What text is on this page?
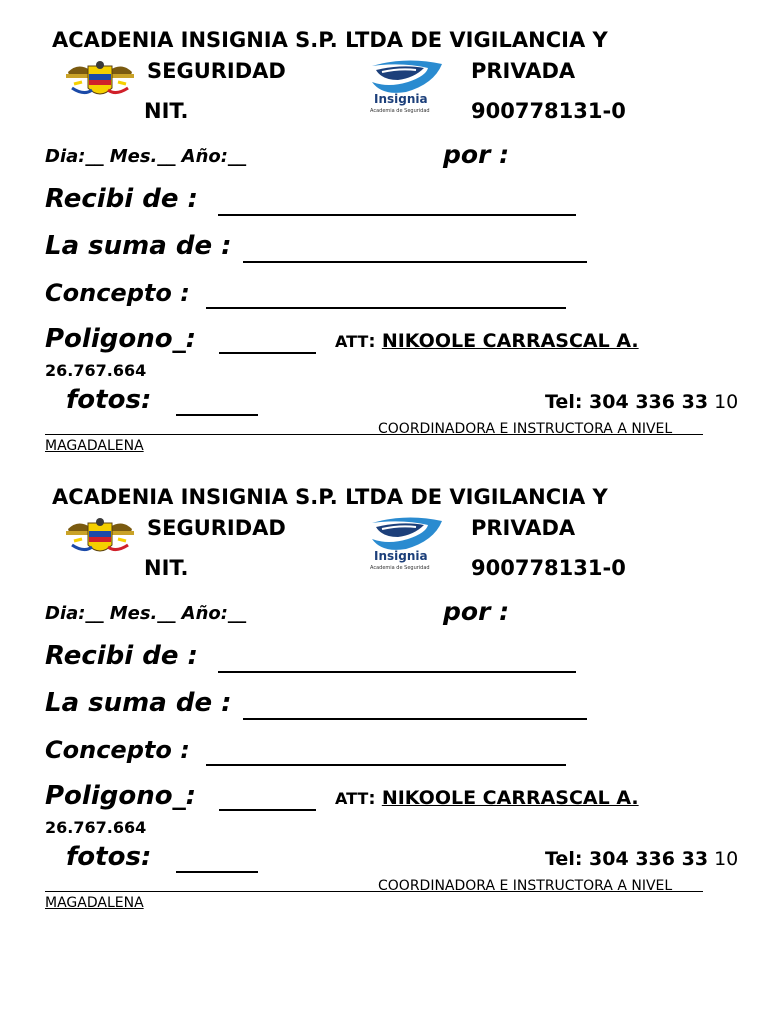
ACADENIA INSIGNIA S.P. LTDA DE VIGILANCIA Y
SEGURIDAD
Insignia
Academia de Seguridad
PRIVADA
NIT.	900778131-0
Dia:__ Mes.__ Año:__	por :
Recibi de :
La suma de :
Concepto :
Poligono_:	ATT: NIKOOLE CARRASCAL A.
26.767.664
fotos:	Tel: 304 336 33 10
COORDINADORA E INSTRUCTORA A NIVEL
MAGADALENA
ACADENIA INSIGNIA S.P. LTDA DE VIGILANCIA Y
SEGURIDAD
Insignia
Academia de Seguridad
PRIVADA
NIT.	900778131-0
Dia:__ Mes.__ Año:__	por :
Recibi de :
La suma de :
Concepto :
Poligono_:	ATT: NIKOOLE CARRASCAL A.
26.767.664
fotos:	Tel: 304 336 33 10
COORDINADORA E INSTRUCTORA A NIVEL
MAGADALENA
